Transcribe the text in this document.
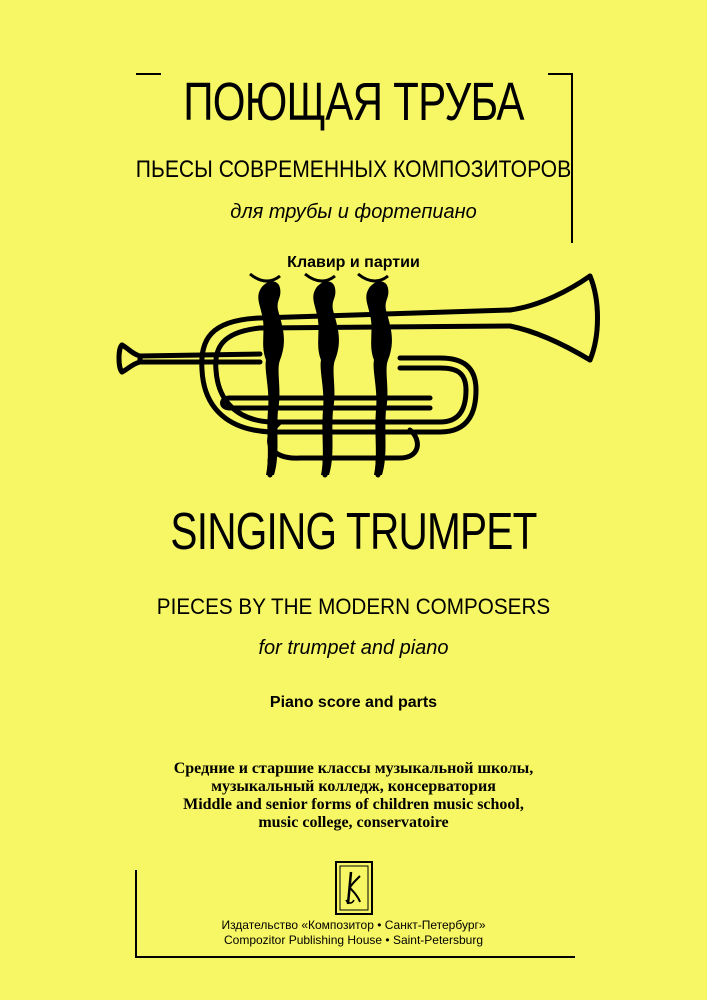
ПОЮЩАЯ ТРУБА
ПЬЕСЫ СОВРЕМЕННЫХ КОМПОЗИТОРОВ
для трубы и фортепиано
Клавир и партии
SINGING TRUMPET
PIECES BY THE MODERN COMPOSERS
for trumpet and piano
Piano score and parts
Средние и старшие классы музыкальной школы,
музыкальный колледж, консерватория
Middle and senior forms of children music school,
music college, conservatoire
Издательство «Композитор • Санкт-Петербург»
Compozitor Publishing House • Saint-Petersburg
